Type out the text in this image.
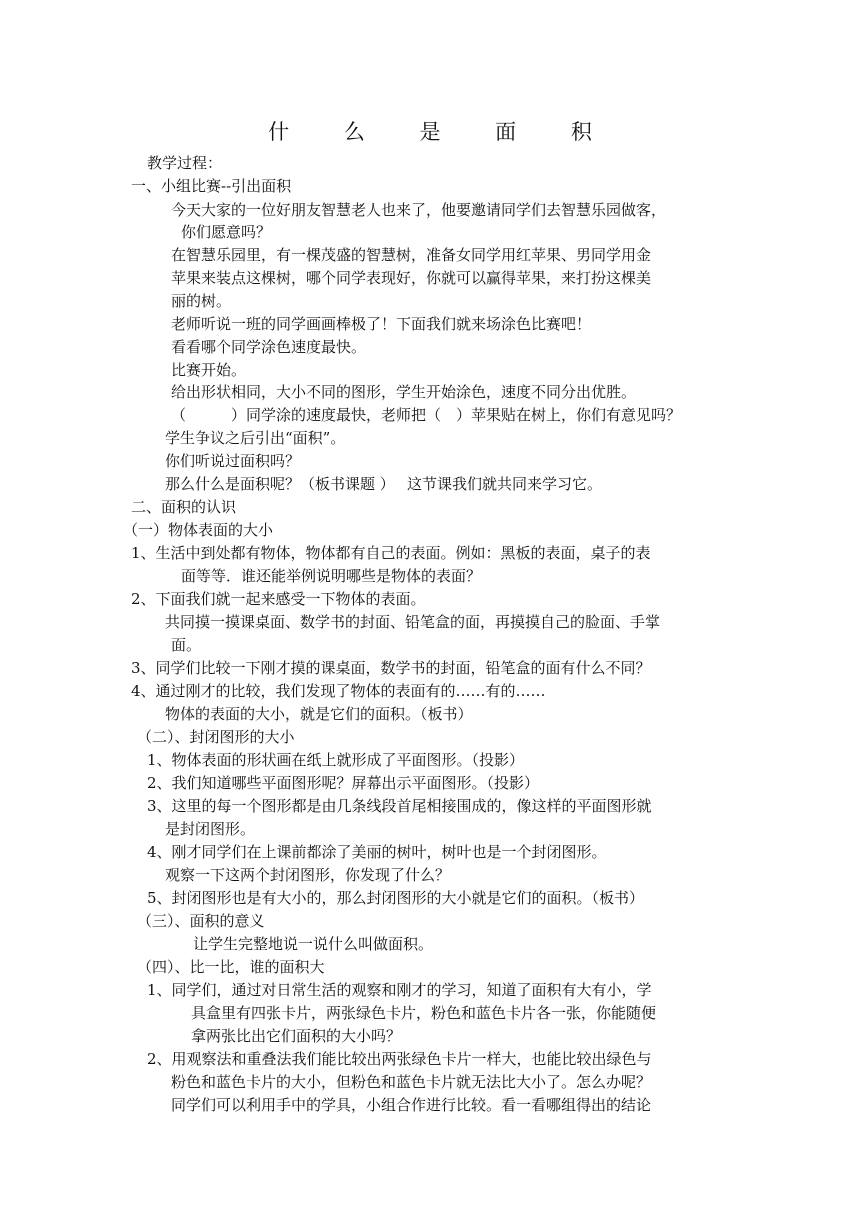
什 么 是 面 积
教学过程：
一、小组比赛--引出面积
今天大家的一位好朋友智慧老人也来了，他要邀请同学们去智慧乐园做客，
你们愿意吗？
在智慧乐园里，有一棵茂盛的智慧树，准备女同学用红苹果、男同学用金
苹果来装点这棵树，哪个同学表现好，你就可以赢得苹果，来打扮这棵美
丽的树。
老师听说一班的同学画画棒极了！下面我们就来场涂色比赛吧！
看看哪个同学涂色速度最快。
比赛开始。
给出形状相同，大小不同的图形，学生开始涂色，速度不同分出优胜。
（　　　）同学涂的速度最快，老师把（　）苹果贴在树上，你们有意见吗？
学生争议之后引出“面积”。
你们听说过面积吗？
那么什么是面积呢？（板书课题 ）　 这节课我们就共同来学习它。
二、面积的认识
（一）物体表面的大小
1、生活中到处都有物体，物体都有自己的表面。例如：黑板的表面，桌子的表
面等等．谁还能举例说明哪些是物体的表面？
2、下面我们就一起来感受一下物体的表面。
共同摸一摸课桌面、数学书的封面、铅笔盒的面，再摸摸自己的脸面、手掌
面。
3、同学们比较一下刚才摸的课桌面，数学书的封面，铅笔盒的面有什么不同？
4、通过刚才的比较，我们发现了物体的表面有的……有的……
物体的表面的大小，就是它们的面积。（板书）
（二）、封闭图形的大小
1、物体表面的形状画在纸上就形成了平面图形。（投影）
2、我们知道哪些平面图形呢？屏幕出示平面图形。（投影）
3、这里的每一个图形都是由几条线段首尾相接围成的，像这样的平面图形就
是封闭图形。
4、刚才同学们在上课前都涂了美丽的树叶，树叶也是一个封闭图形。
观察一下这两个封闭图形，你发现了什么？
5、封闭图形也是有大小的，那么封闭图形的大小就是它们的面积。（板书）
（三）、面积的意义
让学生完整地说一说什么叫做面积。
（四）、比一比，谁的面积大
1、同学们，通过对日常生活的观察和刚才的学习，知道了面积有大有小，学
具盒里有四张卡片，两张绿色卡片，粉色和蓝色卡片各一张，你能随便
拿两张比出它们面积的大小吗？
2、用观察法和重叠法我们能比较出两张绿色卡片一样大，也能比较出绿色与
粉色和蓝色卡片的大小，但粉色和蓝色卡片就无法比大小了。怎么办呢？
同学们可以利用手中的学具，小组合作进行比较。看一看哪组得出的结论
